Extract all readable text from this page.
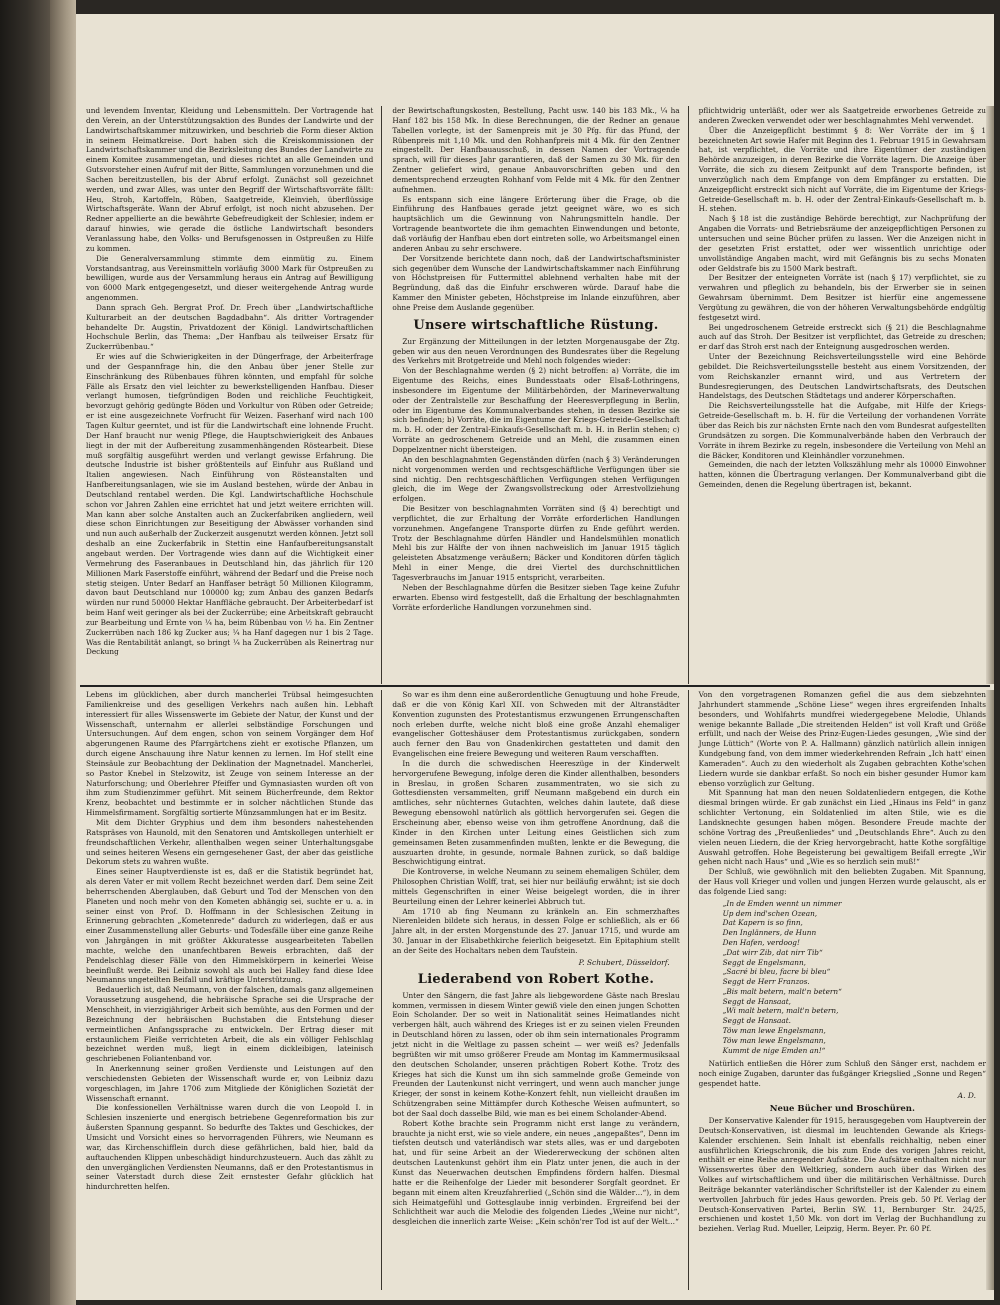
und levendem Inventar, Kleidung und Lebensmitteln. Der Vortragende hat den Verein, an der Unterstützungsaktion des Bundes der Landwirte und der Landwirtschaftskammer mitzuwirken, und beschrieb die Form dieser Aktion in seinem Heimatkreise. Dort haben sich die Kreiskommissionen der Landwirtschaftskammer und die Bezirksleitung des Bundes der Landwirte zu einem Komitee zusammengetan, und dieses richtet an alle Gemeinden und Gutsvorsteher einen Aufruf mit der Bitte, Sammlungen vorzunehmen und die Sachen bereitzustellen, bis der Abruf erfolgt. Zunächst soll gezeichnet werden, und zwar Alles, was unter den Begriff der Wirtschaftsvorräte fällt: Heu, Stroh, Kartoffeln, Rüben, Saatgetreide, Kleinvieh, überflüssige Wirtschaftsgeräte. Wann der Abruf erfolgt, ist noch nicht abzusehen. Der Redner appellierte an die bewährte Gebefreudigkeit der Schlesier, indem er darauf hinwies, wie gerade die östliche Landwirtschaft besonders Veranlassung habe, den Volks- und Berufsgenossen in Ostpreußen zu Hilfe zu kommen.

Die Generalversammlung stimmte dem einmütig zu. Einem Vorstandsantrag, aus Vereinsmitteln vorläufig 3000 Mark für Ostpreußen zu bewilligen, wurde aus der Versammlung heraus ein Antrag auf Bewilligung von 6000 Mark entgegengesetzt, und dieser weitergehende Antrag wurde angenommen.

Dann sprach Geh. Bergrat Prof. Dr. Frech über „Landwirtschaftliche Kulturarbeit an der deutschen Bagdadbahn“. Als dritter Vortragender behandelte Dr. Augstin, Privatdozent der Königl. Landwirtschaftlichen Hochschule Berlin, das Thema: „Der Hanfbau als teilweiser Ersatz für Zuckerrübenbau.“

Er wies auf die Schwierigkeiten in der Düngerfrage, der Arbeiterfrage und der Gespannfrage hin, die den Anbau über jener Stelle zur Einschränkung des Rübenbaues führen könnten, und empfahl für solche Fälle als Ersatz den viel leichter zu bewerkstelligenden Hanfbau. Dieser verlangt humosen, tiefgründigen Boden und reichliche Feuchtigkeit, bevorzugt gehörig gedüngte Böden und Vorkultur von Rüben oder Getreide; er ist eine ausgezeichnete Vorfrucht für Weizen. Faserhanf wird nach 100 Tagen Kultur geerntet, und ist für die Landwirtschaft eine lohnende Frucht. Der Hanf braucht nur wenig Pflege, die Hauptschwierigkeit des Anbaues liegt in der mit der Aufbereitung zusammenhängenden Röstearbeit. Diese muß sorgfältig ausgeführt werden und verlangt gewisse Erfahrung. Die deutsche Industrie ist bisher größtenteils auf Einfuhr aus Rußland und Italien angewiesen. Nach Einführung von Rösteanstalten und Hanfbereitungsanlagen, wie sie im Ausland bestehen, würde der Anbau in Deutschland rentabel werden. Die Kgl. Landwirtschaftliche Hochschule schon vor Jahren Zahlen eine errichtet hat und jetzt weitere errichten will. Man kann aber solche Anstalten auch an Zuckerfabriken angliedern, weil diese schon Einrichtungen zur Beseitigung der Abwässer vorhanden sind und nun auch außerhalb der Zuckerzeit ausgenutzt werden können. Jetzt soll deshalb an eine Zuckerfabrik in Stettin eine Hanfaufbereitungsanstalt angebaut werden. Der Vortragende wies dann auf die Wichtigkeit einer Vermehrung des Faseranbaues in Deutschland hin, das jährlich für 120 Millionen Mark Faserstoffe einführt, während der Bedarf und die Preise noch stetig steigen. Unter Bedarf an Hanffaser beträgt 50 Millionen Kilogramm, davon baut Deutschland nur 100000 kg; zum Anbau des ganzen Bedarfs würden nur rund 50000 Hektar Hanffläche gebraucht. Der Arbeiterbedarf ist beim Hanf weit geringer als bei der Zuckerrübe; eine Arbeitskraft gebraucht zur Bearbeitung und Ernte von ¼ ha, beim Rübenbau von ½ ha. Ein Zentner Zuckerrüben nach 186 kg Zucker aus; ¼ ha Hanf dagegen nur 1 bis 2 Tage. Was die Rentabilität anlangt, so bringt ¼ ha Zuckerrüben als Reinertrag nur Deckung

der Bewirtschaftungskosten, Bestellung, Pacht usw. 140 bis 183 Mk., ¼ ha Hanf 182 bis 158 Mk. In diese Berechnungen, die der Redner an genaue Tabellen vorlegte, ist der Samenpreis mit je 30 Pfg. für das Pfund, der Rübenpreis mit 1,10 Mk. und den Rohhanfpreis mit 4 Mk. für den Zentner eingestellt. Der Hanfbauausschuß, in dessen Namen der Vortragende sprach, will für dieses Jahr garantieren, daß der Samen zu 30 Mk. für den Zentner geliefert wird, genaue Anbauvorschriften geben und den dementsprechend erzeugten Rohhanf vom Felde mit 4 Mk. für den Zentner aufnehmen.

Es entspann sich eine längere Erörterung über die Frage, ob die Einführung des Hanfbaues gerade jetzt geeignet wäre, wo es sich hauptsächlich um die Gewinnung von Nahrungsmitteln handle. Der Vortragende beantwortete die ihm gemachten Einwendungen und betonte, daß vorläufig der Hanfbau eben dort eintreten solle, wo Arbeitsmangel einen anderen Anbau zu sehr erschwere.

Der Vorsitzende berichtete dann noch, daß der Landwirtschaftsminister sich gegenüber dem Wunsche der Landwirtschaftskammer nach Einführung von Höchstpreisen für Futtermittel ablehnend verhalten habe mit der Begründung, daß das die Einfuhr erschweren würde. Darauf habe die Kammer den Minister gebeten, Höchstpreise im Inlande einzuführen, aber ohne Preise dem Auslande gegenüber.

Unsere wirtschaftliche Rüstung.

Zur Ergänzung der Mitteilungen in der letzten Morgenausgabe der Ztg. geben wir aus den neuen Verordnungen des Bundesrates über die Regelung des Verkehrs mit Brotgetreide und Mehl noch folgendes wieder:

Von der Beschlagnahme werden (§ 2) nicht betroffen: a) Vorräte, die im Eigentume des Reichs, eines Bundesstaats oder Elsaß-Lothringens, insbesondere im Eigentume der Militärbehörden, der Marineverwaltung oder der Zentralstelle zur Beschaffung der Heeresverpflegung in Berlin, oder im Eigentume des Kommunalverbandes stehen, in dessen Bezirke sie sich befinden; b) Vorräte, die im Eigentume der Kriegs-Getreide-Gesellschaft m. b. H. oder der Zentral-Einkaufs-Gesellschaft m. b. H. in Berlin stehen; c) Vorräte an gedroschenem Getreide und an Mehl, die zusammen einen Doppelzentner nicht übersteigen.

An den beschlagnahmten Gegenständen dürfen (nach § 3) Veränderungen nicht vorgenommen werden und rechtsgeschäftliche Verfügungen über sie sind nichtig. Den rechtsgeschäftlichen Verfügungen stehen Verfügungen gleich, die im Wege der Zwangsvollstreckung oder Arrestvollziehung erfolgen.

Die Besitzer von beschlagnahmten Vorräten sind (§ 4) berechtigt und verpflichtet, die zur Erhaltung der Vorräte erforderlichen Handlungen vorzunehmen. Angefangene Transporte dürfen zu Ende geführt werden. Trotz der Beschlagnahme dürfen Händler und Handelsmühlen monatlich Mehl bis zur Hälfte der von ihnen nachweislich im Januar 1915 täglich geleisteten Absatzmenge veräußern; Bäcker und Konditoren dürfen täglich Mehl in einer Menge, die drei Viertel des durchschnittlichen Tagesverbrauchs im Januar 1915 entspricht, verarbeiten.

Neben der Beschlagnahme dürfen die Besitzer sieben Tage keine Zufuhr erwarten. Ebenso wird festgestellt, daß die Erhaltung der beschlagnahmten Vorräte erforderliche Handlungen vorzunehmen sind.

pflichtwidrig unterläßt, oder wer als Saatgetreide erworbenes Getreide zu anderen Zwecken verwendet oder wer beschlagnahmtes Mehl verwendet.

Über die Anzeigepflicht bestimmt § 8: Wer Vorräte der im § 1 bezeichneten Art sowie Hafer mit Beginn des 1. Februar 1915 in Gewahrsam hat, ist verpflichtet, die Vorräte und ihre Eigentümer der zuständigen Behörde anzuzeigen, in deren Bezirke die Vorräte lagern. Die Anzeige über Vorräte, die sich zu diesem Zeitpunkt auf dem Transporte befinden, ist unverzüglich nach dem Empfange von dem Empfänger zu erstatten. Die Anzeigepflicht erstreckt sich nicht auf Vorräte, die im Eigentume der Kriegs-Getreide-Gesellschaft m. b. H. oder der Zentral-Einkaufs-Gesellschaft m. b. H. stehen.

Nach § 18 ist die zuständige Behörde berechtigt, zur Nachprüfung der Angaben die Vorrats- und Betriebsräume der anzeigepflichtigen Personen zu untersuchen und seine Bücher prüfen zu lassen. Wer die Anzeigen nicht in der gesetzten Frist erstattet, oder wer wissentlich unrichtige oder unvollständige Angaben macht, wird mit Gefängnis bis zu sechs Monaten oder Geldstrafe bis zu 1500 Mark bestraft.

Der Besitzer der enteigneten Vorräte ist (nach § 17) verpflichtet, sie zu verwahren und pfleglich zu behandeln, bis der Erwerber sie in seinen Gewahrsam übernimmt. Dem Besitzer ist hierfür eine angemessene Vergütung zu gewähren, die von der höheren Verwaltungsbehörde endgültig festgesetzt wird.

Bei ungedroschenem Getreide erstreckt sich (§ 21) die Beschlagnahme auch auf das Stroh. Der Besitzer ist verpflichtet, das Getreide zu dreschen; er darf das Stroh erst nach der Enteignung ausgedroschen werden.

Unter der Bezeichnung Reichsverteilungsstelle wird eine Behörde gebildet. Die Reichsverteilungsstelle besteht aus einem Vorsitzenden, der vom Reichskanzler ernannt wird, und aus Vertretern der Bundesregierungen, des Deutschen Landwirtschaftsrats, des Deutschen Handelstags, des Deutschen Städtetags und anderer Körperschaften.

Die Reichsverteilungsstelle hat die Aufgabe, mit Hilfe der Kriegs-Getreide-Gesellschaft m. b. H. für die Verteilung der vorhandenen Vorräte über das Reich bis zur nächsten Ernte nach den vom Bundesrat aufgestellten Grundsätzen zu sorgen. Die Kommunalverbände haben den Verbrauch der Vorräte in ihrem Bezirke zu regeln, insbesondere die Verteilung von Mehl an die Bäcker, Konditoren und Kleinhändler vorzunehmen.

Gemeinden, die nach der letzten Volkszählung mehr als 10000 Einwohner hatten, können die Übertragung verlangen. Der Kommunalverband gibt die Gemeinden, denen die Regelung übertragen ist, bekannt.

Lebens im glücklichen, aber durch mancherlei Trübsal heimgesuchten Familienkreise und des geselligen Verkehrs nach außen hin. Lebhaft interessiert für alles Wissenswerte im Gebiete der Natur, der Kunst und der Wissenschaft, unternahm er allerlei selbständige Forschungen und Untersuchungen. Auf dem engen, schon von seinem Vorgänger dem Hof abgerungenen Raume des Pfarrgärtchens zieht er exotische Pflanzen, um durch eigene Anschauung ihre Natur kennen zu lernen. Im Hof stellt eine Steinsäule zur Beobachtung der Deklination der Magnetnadel. Mancherlei, so Pastor Knebel in Stelzowitz, ist Zeuge von seinem Interesse an der Naturforschung; und Oberlehrer Pfeiffer und Gymnasiasten wurden oft von ihm zum Studienzimmer geführt. Mit seinem Bücherfreunde, dem Rektor Krenz, beobachtet und bestimmte er in solcher nächtlichen Stunde das Himmelsfirmament. Sorgfältig sortierte Münzsammlungen hat er im Besitz.

Mit dem Dichter Gryphius und dem ihm besonders nahestehenden Ratspräses von Haunold, mit den Senatoren und Amtskollegen unterhielt er freundschaftlichen Verkehr, allenthalben wegen seiner Unterhaltungsgabe und seines heiteren Wesens ein gerngesehener Gast, der aber das geistliche Dekorum stets zu wahren wußte.

Eines seiner Hauptverdienste ist es, daß er die Statistik begründet hat, als deren Vater er mit vollem Recht bezeichnet werden darf. Dem seine Zeit beherrschenden Aberglauben, daß Geburt und Tod der Menschen von den Planeten und noch mehr von den Kometen abhängig sei, suchte er u. a. in seiner einst von Prof. D. Hoffmann in der Schlesischen Zeitung in Erinnerung gebrachten „Kometenrede“ dadurch zu widerlegen, daß er aus einer Zusammenstellung aller Geburts- und Todesfälle über eine ganze Reihe von Jahrgängen in mit größter Akkuratesse ausgearbeiteten Tabellen machte, welche den unanfechtbaren Beweis erbrachten, daß der Pendelschlag dieser Fälle von den Himmelskörpern in keinerlei Weise beeinflußt werde. Bei Leibniz sowohl als auch bei Halley fand diese Idee Neumanns ungeteilten Beifall und kräftige Unterstützung.

Bedauerlich ist, daß Neumann, von der falschen, damals ganz allgemeinen Voraussetzung ausgehend, die hebräische Sprache sei die Ursprache der Menschheit, in vierzigjähriger Arbeit sich bemühte, aus den Formen und der Bezeichnung der hebräischen Buchstaben die Entstehung dieser vermeintlichen Anfangssprache zu entwickeln. Der Ertrag dieser mit erstaunlichem Fleiße verrichteten Arbeit, die als ein völliger Fehlschlag bezeichnet werden muß, liegt in einem dickleibigen, lateinisch geschriebenen Foliantenband vor.

In Anerkennung seiner großen Verdienste und Leistungen auf den verschiedensten Gebieten der Wissenschaft wurde er, von Leibniz dazu vorgeschlagen, im Jahre 1706 zum Mitgliede der Königlichen Sozietät der Wissenschaft ernannt.

Die konfessionellen Verhältnisse waren durch die von Leopold I. in Schlesien inszenierte und energisch betriebene Gegenreformation bis zur äußersten Spannung gespannt. So bedurfte des Taktes und Geschickes, der Umsicht und Vorsicht eines so hervorragenden Führers, wie Neumann es war, das Kirchenschifflein durch diese gefährlichen, bald hier, bald da auftauchenden Klippen unbeschädigt hindurchzusteuern. Auch das zählt zu den unvergänglichen Verdiensten Neumanns, daß er den Protestantismus in seiner Vaterstadt durch diese Zeit ernstester Gefahr glücklich hat hindurchretten helfen.

So war es ihm denn eine außerordentliche Genugtuung und hohe Freude, daß er die von König Karl XII. von Schweden mit der Altranstädter Konvention zugunsten des Protestantismus erzwungenen Errungenschaften noch erleben durfte, welche nicht bloß eine große Anzahl ehemaliger evangelischer Gotteshäuser dem Protestantismus zurückgaben, sondern auch ferner den Bau von Gnadenkirchen gestatteten und damit den Evangelischen eine freiere Bewegung und weiteren Raum verschafften.

In die durch die schwedischen Heereszüge in der Kinderwelt hervorgerufene Bewegung, infolge deren die Kinder allenthalben, besonders in Breslau, in großen Scharen zusammentraten, wo sie sich zu Gottesdiensten versammelten, griff Neumann maßgebend ein durch ein amtliches, sehr nüchternes Gutachten, welches dahin lautete, daß diese Bewegung ebensowohl natürlich als göttlich hervorgerufen sei. Gegen die Erscheinung aber, ebenso weise von ihm getroffene Anordnung, daß die Kinder in den Kirchen unter Leitung eines Geistlichen sich zum gemeinsamen Beten zusammenfinden mußten, lenkte er die Bewegung, die auszuarten drohte, in gesunde, normale Bahnen zurück, so daß baldige Beschwichtigung eintrat.

Die Kontroverse, in welche Neumann zu seinem ehemaligen Schüler, dem Philosophen Christian Wolff, trat, sei hier nur beiläufig erwähnt; ist sie doch mittels Gegenschriften in einer Weise beigelegt worden, die in ihrer Beurteilung einen der Lehrer keinerlei Abbruch tut.

Am 1710 ab fing Neumann zu kränkeln an. Ein schmerzhaftes Nierenleiden bildete sich heraus, in dessen Folge er schließlich, als er 66 Jahre alt, in der ersten Morgenstunde des 27. Januar 1715, und wurde am 30. Januar in der Elisabethkirche feierlich beigesetzt. Ein Epitaphium stellt an der Seite des Hochaltars neben dem Taufstein.

P. Schubert, Düsseldorf.
Liederabend von Robert Kothe.

Unter den Sängern, die fast Jahre als liebgewordene Gäste nach Breslau kommen, vermissen in diesem Winter gewiß viele den einen jungen Schotten Eoin Scholander. Der so weit in Nationalität seines Heimatlandes nicht verbergen hält, auch während des Krieges ist er zu seinen vielen Freunden in Deutschland hören zu lassen, oder ob ihm sein internationales Programm jetzt nicht in die Weltlage zu passen scheint — wer weiß es? Jedenfalls begrüßten wir mit umso größerer Freude am Montag im Kammermusiksaal den deutschen Scholander, unseren prächtigen Robert Kothe. Trotz des Krieges hat sich die Kunst um ihn sich sammelnde große Gemeinde von Freunden der Lautenkunst nicht verringert, und wenn auch mancher junge Krieger, der sonst in keinem Kothe-Konzert fehlt, nun vielleicht draußen im Schützengraben seine Mittämpfer durch Kothesche Weisen aufmuntert, so bot der Saal doch dasselbe Bild, wie man es bei einem Scholander-Abend.

Robert Kothe brachte sein Programm nicht erst lange zu verändern, brauchte ja nicht erst, wie so viele andere, ein neues „angepaßtes“, Denn im tiefsten deutsch und vaterländisch war stets alles, was er und dargeboten hat, und für seine Arbeit an der Wiedererweckung der schönen alten deutschen Lautenkunst gehört ihm ein Platz unter jenen, die auch in der Kunst das Neuerwachen deutschen Empfindens fördern halfen. Diesmal hatte er die Reihenfolge der Lieder mit besonderer Sorgfalt geordnet. Er begann mit einem alten Kreuzfahrerlied („Schön sind die Wälder…“), in dem sich Heimatgefühl und Gottesglaube innig verbinden. Ergreifend bei der Schlichtheit war auch die Melodie des folgenden Liedes „Weine nur nicht“, desgleichen die innerlich zarte Weise: „Kein schön'rer Tod ist auf der Welt…“

Von den vorgetragenen Romanzen gefiel die aus dem siebzehnten Jahrhundert stammende „Schöne Liese“ wegen ihres ergreifenden Inhalts besonders, und Wohlfahrts mundfrei wiedergegebene Melodie, Uhlands wenige bekannte Ballade „Die streitenden Helden“ ist voll Kraft und Größe erfüllt, und nach der Weise des Prinz-Eugen-Liedes gesungen, „Wie sind der Junge Lüttich“ (Worte von P. A. Hallmann) gänzlich natürlich allein innigen Kundgebung fand, von dem immer wiederkehrenden Refrain „Ich hatt' einen Kameraden“. Auch zu den wiederholt als Zugaben gebrachten Kothe'schen Liedern wurde sie dankbar erfaßt. So noch ein bisher gesunder Humor kam ebenso vorzüglich zur Geltung.

Mit Spannung hat man den neuen Soldatenliedern entgegen, die Kothe diesmal bringen würde. Er gab zunächst ein Lied „Hinaus ins Feld“ in ganz schlichter Vertonung, ein Soldatenlied im alten Stile, wie es die Landsknechte gesungen haben mögen. Besondere Freude machte der schöne Vortrag des „Preußenliedes“ und „Deutschlands Ehre“. Auch zu den vielen neuen Liedern, die der Krieg hervorgebracht, hatte Kothe sorgfältige Auswahl getroffen. Hohe Begeisterung bei gewaltigem Beifall erregte „Wir gehen nicht nach Haus“ und „Wie es so herzlich sein muß!“

Der Schluß, wie gewöhnlich mit den beliebten Zugaben. Mit Spannung, der Haus voll Krieger und vollen und jungen Herzen wurde gelauscht, als er das folgende Lied sang:

„In de Emden wennt un nimmer
Up dem ind'schen Ozean,
Dat Kapern is so finn,
Den Inglänners, de Hunn
Den Hafen, verdoog!
„Dat wirr Zib, dat nirr Tib“
Seggt de Engelsmann,
„Sacré bi bleu, facre bi bleu“
Seggt de Herr Franzos.
„Bis malt betern, malt'n betern“
Seggt de Hansaat,
„Wi malt betern, malt'n betern,
Seggt de Hansaat.
Töw man lewe Engelsmann,
Töw man lewe Engelsmann,
Kummt de nige Emden an!“

Natürlich entließen die Hörer zum Schluß den Sänger erst, nachdem er noch einige Zugaben, darunter das fußgänger Kriegslied „Sonne und Regen“ gespendet hatte.

A. D.
Neue Bücher und Broschüren.

Der Konservative Kalender für 1915, herausgegeben vom Hauptverein der Deutsch-Konservativen, ist diesmal im leuchtenden Gewande als Kriegs-Kalender erschienen. Sein Inhalt ist ebenfalls reichhaltig, neben einer ausführlichen Kriegschronik, die bis zum Ende des vorigen Jahres reicht, enthält er eine Reihe anregender Aufsätze. Die Aufsätze enthalten nicht nur Wissenswertes über den Weltkrieg, sondern auch über das Wirken des Volkes auf wirtschaftlichem und über die militärischen Verhältnisse. Durch Beiträge bekannter vaterländischer Schriftsteller ist der Kalender zu einem wertvollen Jahrbuch für jedes Haus geworden. Preis geb. 50 Pf. Verlag der Deutsch-Konservativen Partei, Berlin SW. 11, Bernburger Str. 24/25, erschienen und kostet 1,50 Mk. von dort im Verlag der Buchhandlung zu beziehen. Verlag Rud. Mueller, Leipzig, Herm. Beyer. Pr. 60 Pf.
